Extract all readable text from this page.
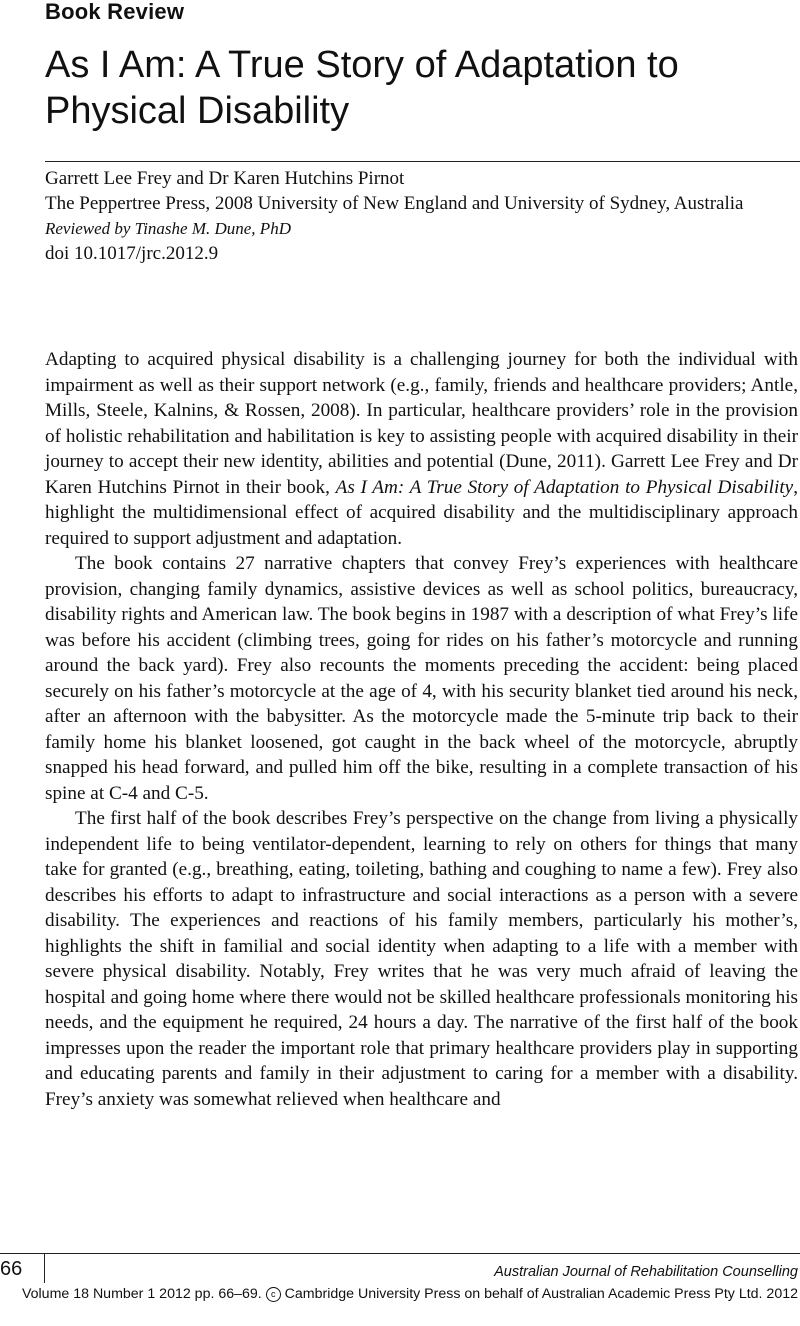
Book Review
As I Am: A True Story of Adaptation to Physical Disability
Garrett Lee Frey and Dr Karen Hutchins Pirnot
The Peppertree Press, 2008 University of New England and University of Sydney, Australia
Reviewed by Tinashe M. Dune, PhD
doi 10.1017/jrc.2012.9

Adapting to acquired physical disability is a challenging journey for both the individual with impairment as well as their support network (e.g., family, friends and healthcare providers; Antle, Mills, Steele, Kalnins, & Rossen, 2008). In particular, healthcare providers’ role in the provision of holistic rehabilitation and habilitation is key to assisting people with acquired disability in their journey to accept their new identity, abilities and potential (Dune, 2011). Garrett Lee Frey and Dr Karen Hutchins Pirnot in their book, As I Am: A True Story of Adaptation to Physical Disability, highlight the multidimensional effect of acquired disability and the multidisciplinary approach required to support adjustment and adaptation.

The book contains 27 narrative chapters that convey Frey’s experiences with healthcare provision, changing family dynamics, assistive devices as well as school politics, bureaucracy, disability rights and American law. The book begins in 1987 with a description of what Frey’s life was before his accident (climbing trees, going for rides on his father’s motorcycle and running around the back yard). Frey also recounts the moments preceding the accident: being placed securely on his father’s motorcycle at the age of 4, with his security blanket tied around his neck, after an afternoon with the babysitter. As the motorcycle made the 5-minute trip back to their family home his blanket loosened, got caught in the back wheel of the motorcycle, abruptly snapped his head forward, and pulled him off the bike, resulting in a complete transaction of his spine at C-4 and C-5.

The first half of the book describes Frey’s perspective on the change from living a physically independent life to being ventilator-dependent, learning to rely on others for things that many take for granted (e.g., breathing, eating, toileting, bathing and coughing to name a few). Frey also describes his efforts to adapt to infrastructure and social interactions as a person with a severe disability. The experiences and reactions of his family members, particularly his mother’s, highlights the shift in familial and social identity when adapting to a life with a member with severe physical disability. Notably, Frey writes that he was very much afraid of leaving the hospital and going home where there would not be skilled healthcare professionals monitoring his needs, and the equipment he required, 24 hours a day. The narrative of the first half of the book impresses upon the reader the important role that primary healthcare providers play in supporting and educating parents and family in their adjustment to caring for a member with a disability. Frey’s anxiety was somewhat relieved when healthcare and

66	Australian Journal of Rehabilitation Counselling
Volume 18 Number 1 2012 pp. 66–69. c Cambridge University Press on behalf of Australian Academic Press Pty Ltd. 2012
